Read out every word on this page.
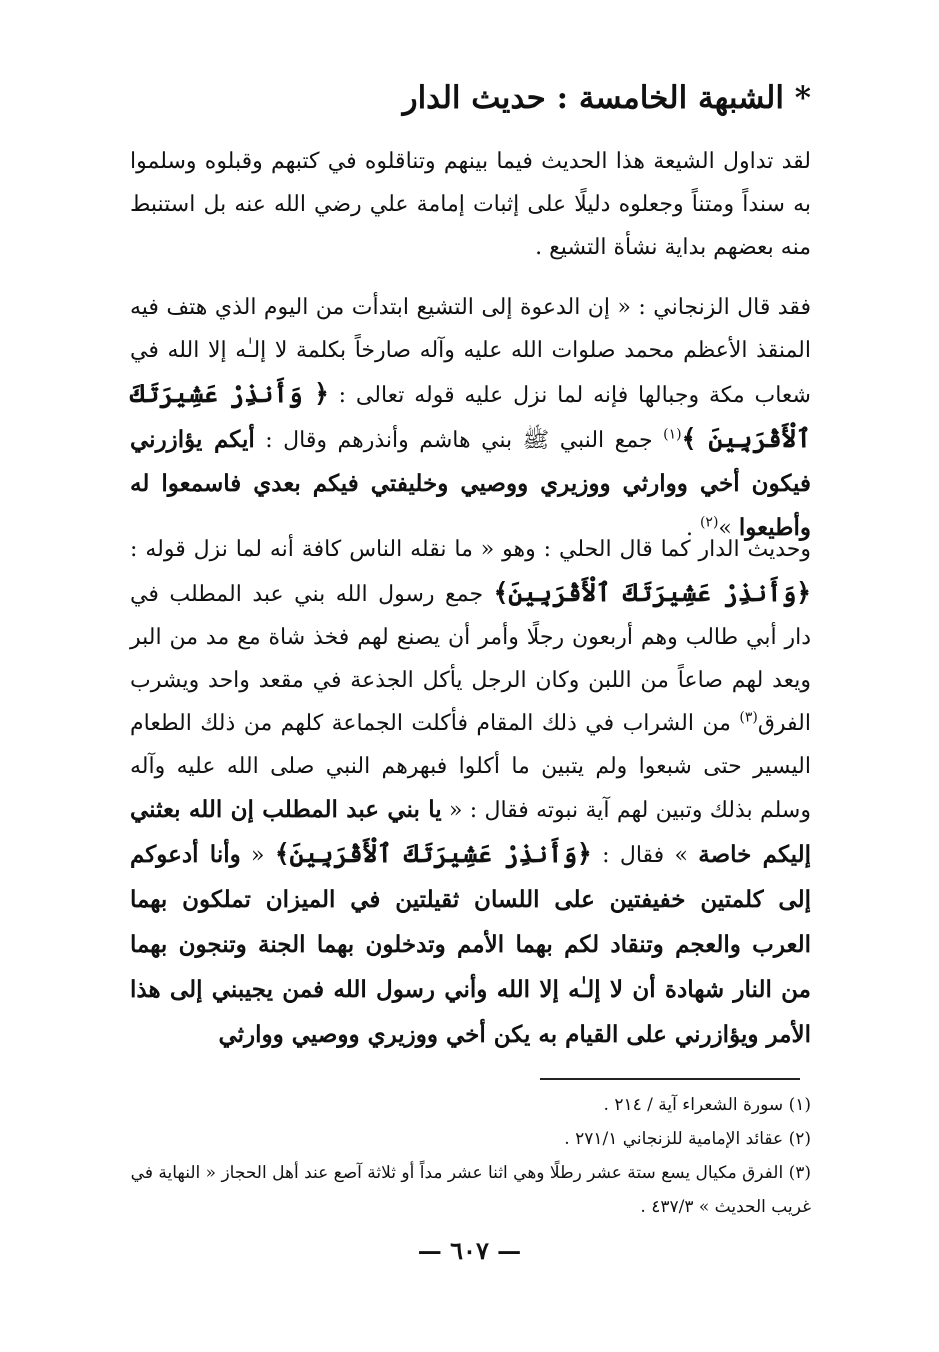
* الشبهة الخامسة : حديث الدار
لقد تداول الشيعة هذا الحديث فيما بينهم وتناقلوه في كتبهم وقبلوه وسلموا به سنداً ومتناً وجعلوه دليلًا على إثبات إمامة علي رضي الله عنه بل استنبط منه بعضهم بداية نشأة التشيع .
فقد قال الزنجاني : « إن الدعوة إلى التشيع ابتدأت من اليوم الذي هتف فيه المنقذ الأعظم محمد صلوات الله عليه وآله صارخاً بكلمة لا إلـٰه إلا الله في شعاب مكة وجبالها فإنه لما نزل عليه قوله تعالى : ﴿ وَأَنذِرْ عَشِيرَتَكَ ٱلْأَقْرَبِينَ ﴾$^{(١)}$ جمع النبي ﷺ بني هاشم وأنذرهم وقال : أيكم يؤازرني فيكون أخي ووارثي ووزيري ووصيي وخليفتي فيكم بعدي فاسمعوا له وأطيعوا »$^{(٢)}$ .
وحديث الدار كما قال الحلي : وهو « ما نقله الناس كافة أنه لما نزل قوله : ﴿وَأَنذِرْ عَشِيرَتَكَ ٱلْأَقْرَبِينَ﴾ جمع رسول الله بني عبد المطلب في دار أبي طالب وهم أربعون رجلًا وأمر أن يصنع لهم فخذ شاة مع مد من البر ويعد لهم صاعاً من اللبن وكان الرجل يأكل الجذعة في مقعد واحد ويشرب الفرق$^{(٣)}$ من الشراب في ذلك المقام فأكلت الجماعة كلهم من ذلك الطعام اليسير حتى شبعوا ولم يتبين ما أكلوا فبهرهم النبي صلى الله عليه وآله وسلم بذلك وتبين لهم آية نبوته فقال : « يا بني عبد المطلب إن الله بعثني إليكم خاصة » فقال : ﴿وَأَنذِرْ عَشِيرَتَكَ ٱلْأَقْرَبِينَ﴾ « وأنا أدعوكم إلى كلمتين خفيفتين على اللسان ثقيلتين في الميزان تملكون بهما العرب والعجم وتنقاد لكم بهما الأمم وتدخلون بهما الجنة وتنجون بهما من النار شهادة أن لا إلـٰه إلا الله وأني رسول الله فمن يجيبني إلى هذا الأمر ويؤازرني على القيام به يكن أخي ووزيري ووصيي ووارثي
(١) سورة الشعراء آية / ٢١٤ .
(٢) عقائد الإمامية للزنجاني ٢٧١/١ .
(٣) الفرق مكيال يسع ستة عشر رطلًا وهي اثنا عشر مداً أو ثلاثة آصع عند أهل الحجاز « النهاية في غريب الحديث » ٤٣٧/٣ .
— ٦٠٧ —
